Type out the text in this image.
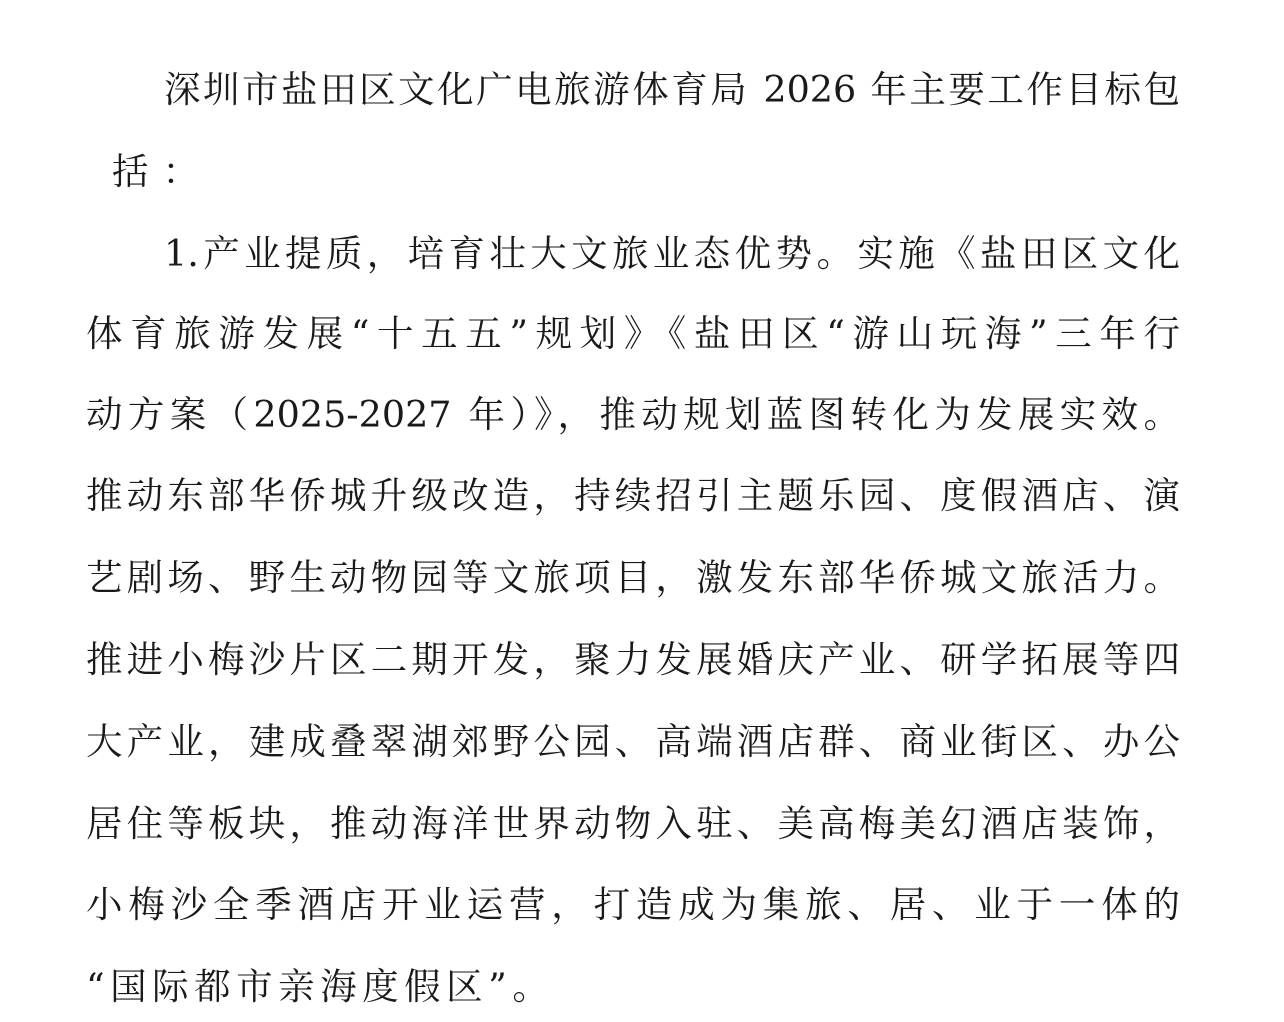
深圳市盐田区文化广电旅游体育局 2026 年主要工作目标包
括：
1.产业提质，培育壮大文旅业态优势。实施《盐田区文化
体育旅游发展“十五五”规划》《盐田区“游山玩海”三年行
动方案（2025-2027 年）》，推动规划蓝图转化为发展实效。
推动东部华侨城升级改造，持续招引主题乐园、度假酒店、演
艺剧场、野生动物园等文旅项目，激发东部华侨城文旅活力。
推进小梅沙片区二期开发，聚力发展婚庆产业、研学拓展等四
大产业，建成叠翠湖郊野公园、高端酒店群、商业街区、办公
居住等板块，推动海洋世界动物入驻、美高梅美幻酒店装饰，
小梅沙全季酒店开业运营，打造成为集旅、居、业于一体的
“国际都市亲海度假区”。
